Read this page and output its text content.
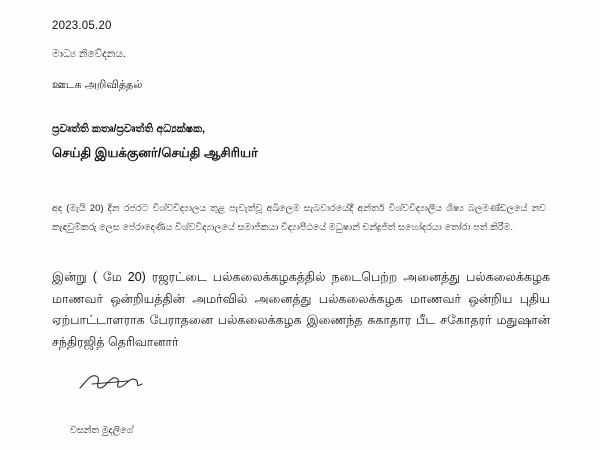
2023.05.20
මාධ්‍ය නිවේදනය.
ஊடக அறிவித்தல்
ප්‍රවෘත්ති කතෘ/ප්‍රවෘත්ති අධ්‍යක්ෂක,
செய்தி இயக்குனர்/செய்தி ஆசிரியர்

අද (මැයි 20) දින රජරට විශ්වවිද්‍යාලය තුළ පැවැත්වූ අඛිලෙම සැබවාරයේදී අන්තර් විශ්වවිද්‍යාලීය ශිෂ්‍ය බලමණ්ඩලයේ නව කැඳවුම්කරු ලෙස පේරාදෙණිය විශ්වවිද්‍යාලයේ සමාජිකයා විද්‍යාපීඨයේ මධුෂාන් චන්ද්‍රජිත් සහෝදරයා තෝරා පත් කිරීම.

இன்று ( மே 20) ரஜரட்டை பல்கலைக்கழகத்தில் நடைபெற்ற அனைத்து பல்கலைக்கழக மாணவர் ஒன்றியத்தின் அமர்வில் அனைத்து பல்கலைக்கழக மாணவர் ஒன்றிய புதிய ஏற்பாட்டாளராக பேராதனை பல்கலைக்கழக இணைந்த சுகாதார பீட சகோதரர் மதுஷான் சந்திரஜித் தெரிவானார்

වසන්ත මුදලිගේ
